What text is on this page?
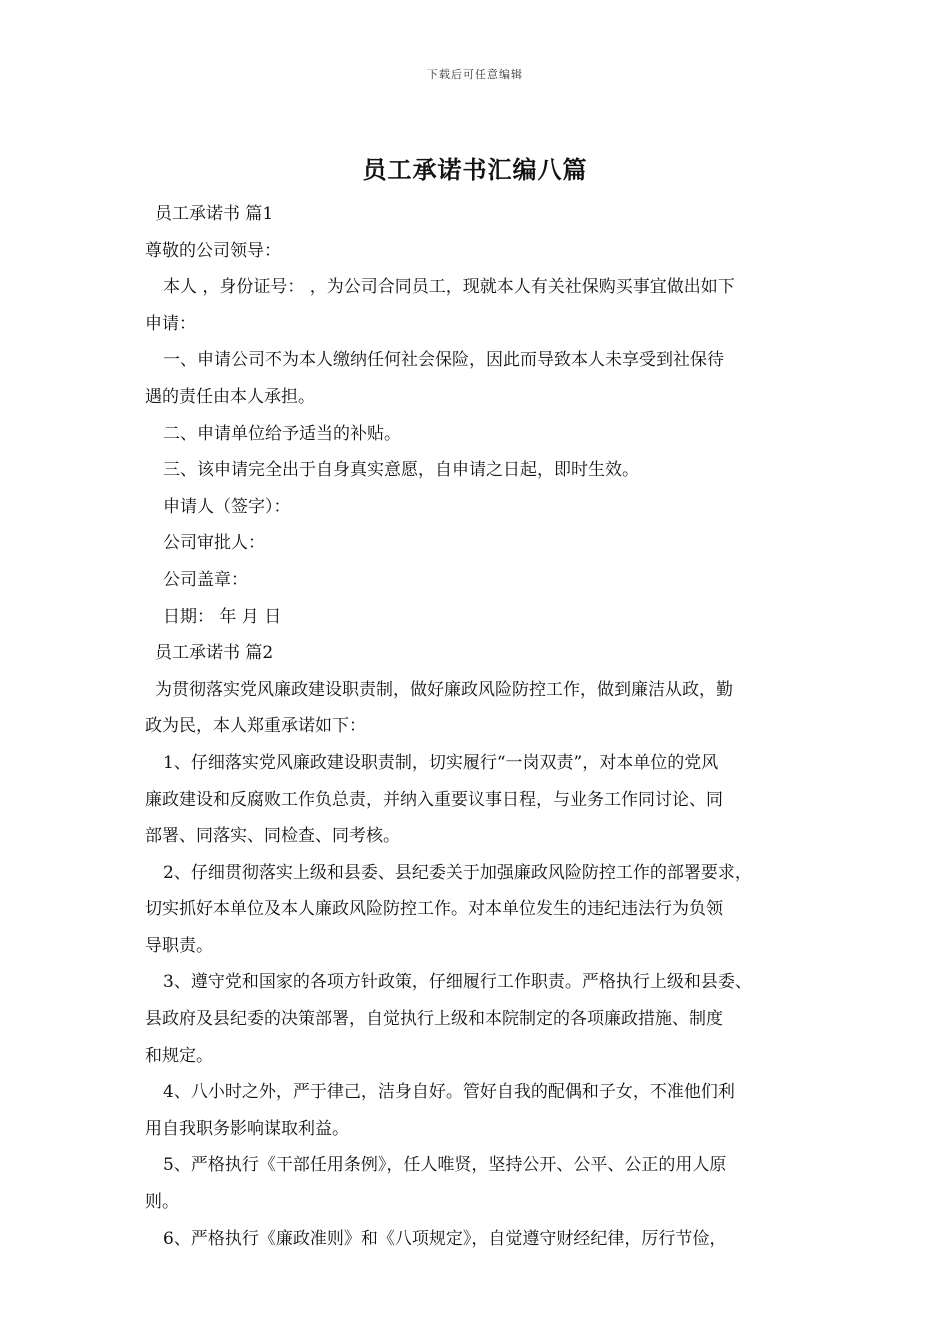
下载后可任意编辑
员工承诺书汇编八篇
员工承诺书 篇1
尊敬的公司领导：
本人 ，身份证号： ，为公司合同员工，现就本人有关社保购买事宜做出如下
申请：
一、申请公司不为本人缴纳任何社会保险，因此而导致本人未享受到社保待
遇的责任由本人承担。
二、申请单位给予适当的补贴。
三、该申请完全出于自身真实意愿，自申请之日起，即时生效。
申请人（签字）：
公司审批人：
公司盖章：
日期： 年 月 日
员工承诺书 篇2
为贯彻落实党风廉政建设职责制，做好廉政风险防控工作，做到廉洁从政，勤
政为民，本人郑重承诺如下：
1、仔细落实党风廉政建设职责制，切实履行“一岗双责”，对本单位的党风
廉政建设和反腐败工作负总责，并纳入重要议事日程，与业务工作同讨论、同
部署、同落实、同检查、同考核。
2、仔细贯彻落实上级和县委、县纪委关于加强廉政风险防控工作的部署要求，
切实抓好本单位及本人廉政风险防控工作。对本单位发生的违纪违法行为负领
导职责。
3、遵守党和国家的各项方针政策，仔细履行工作职责。严格执行上级和县委、
县政府及县纪委的决策部署，自觉执行上级和本院制定的各项廉政措施、制度
和规定。
4、八小时之外，严于律己，洁身自好。管好自我的配偶和子女，不准他们利
用自我职务影响谋取利益。
5、严格执行《干部任用条例》，任人唯贤，坚持公开、公平、公正的用人原
则。
6、严格执行《廉政准则》和《八项规定》，自觉遵守财经纪律，厉行节俭，
